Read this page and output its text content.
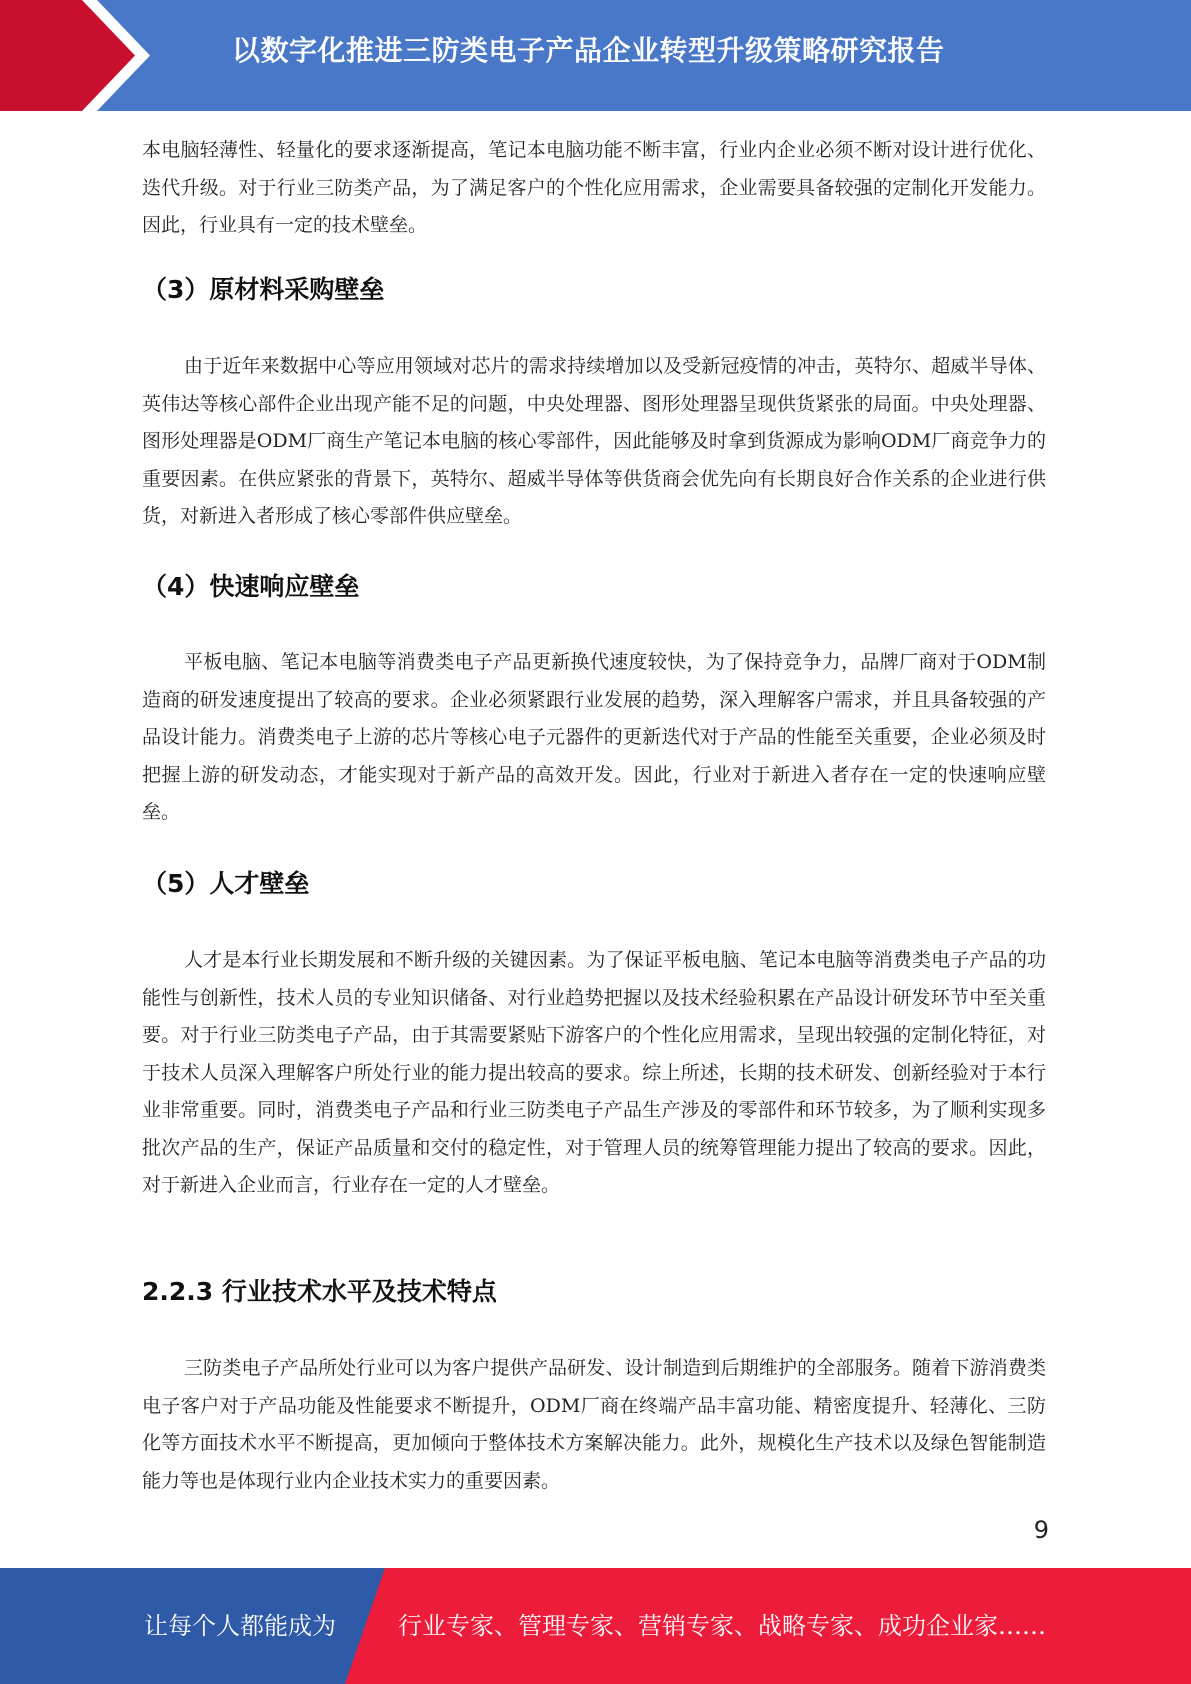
以数字化推进三防类电子产品企业转型升级策略研究报告

本电脑轻薄性、轻量化的要求逐渐提高，笔记本电脑功能不断丰富，行业内企业必须不断对设计进行优化、迭代升级。对于行业三防类产品，为了满足客户的个性化应用需求，企业需要具备较强的定制化开发能力。因此，行业具有一定的技术壁垒。

（3）原材料采购壁垒

由于近年来数据中心等应用领域对芯片的需求持续增加以及受新冠疫情的冲击，英特尔、超威半导体、英伟达等核心部件企业出现产能不足的问题，中央处理器、图形处理器呈现供货紧张的局面。中央处理器、图形处理器是ODM厂商生产笔记本电脑的核心零部件，因此能够及时拿到货源成为影响ODM厂商竞争力的重要因素。在供应紧张的背景下，英特尔、超威半导体等供货商会优先向有长期良好合作关系的企业进行供货，对新进入者形成了核心零部件供应壁垒。

（4）快速响应壁垒

平板电脑、笔记本电脑等消费类电子产品更新换代速度较快，为了保持竞争力，品牌厂商对于ODM制造商的研发速度提出了较高的要求。企业必须紧跟行业发展的趋势，深入理解客户需求，并且具备较强的产品设计能力。消费类电子上游的芯片等核心电子元器件的更新迭代对于产品的性能至关重要，企业必须及时把握上游的研发动态，才能实现对于新产品的高效开发。因此，行业对于新进入者存在一定的快速响应壁垒。

（5）人才壁垒

人才是本行业长期发展和不断升级的关键因素。为了保证平板电脑、笔记本电脑等消费类电子产品的功能性与创新性，技术人员的专业知识储备、对行业趋势把握以及技术经验积累在产品设计研发环节中至关重要。对于行业三防类电子产品，由于其需要紧贴下游客户的个性化应用需求，呈现出较强的定制化特征，对于技术人员深入理解客户所处行业的能力提出较高的要求。综上所述，长期的技术研发、创新经验对于本行业非常重要。同时，消费类电子产品和行业三防类电子产品生产涉及的零部件和环节较多，为了顺利实现多批次产品的生产，保证产品质量和交付的稳定性，对于管理人员的统筹管理能力提出了较高的要求。因此，对于新进入企业而言，行业存在一定的人才壁垒。

2.2.3 行业技术水平及技术特点

三防类电子产品所处行业可以为客户提供产品研发、设计制造到后期维护的全部服务。随着下游消费类电子客户对于产品功能及性能要求不断提升，ODM厂商在终端产品丰富功能、精密度提升、轻薄化、三防化等方面技术水平不断提高，更加倾向于整体技术方案解决能力。此外，规模化生产技术以及绿色智能制造能力等也是体现行业内企业技术实力的重要因素。

9
让每个人都能成为	行业专家、管理专家、营销专家、战略专家、成功企业家……
